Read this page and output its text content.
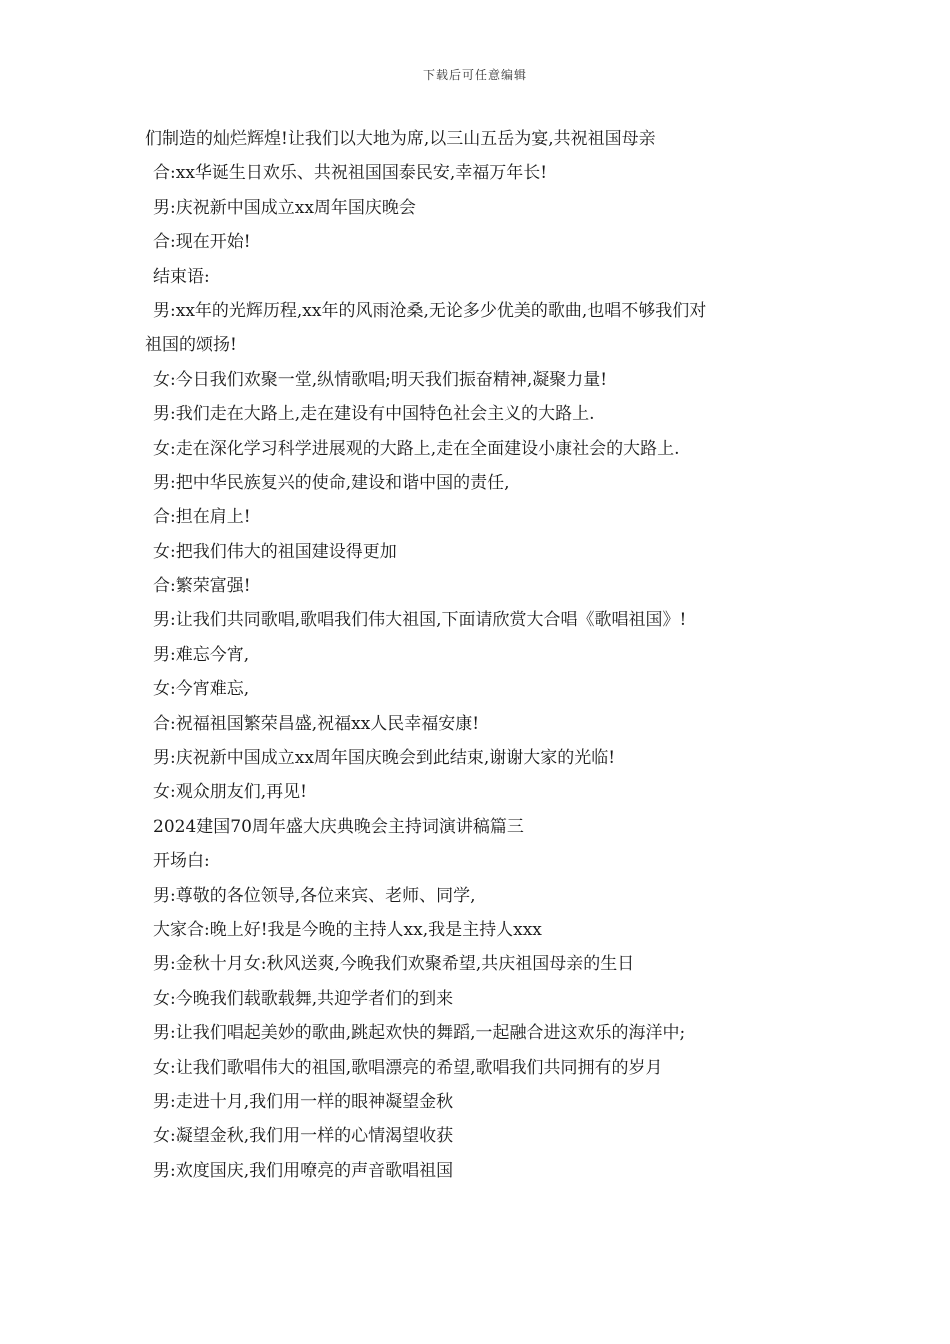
下载后可任意编辑
们制造的灿烂辉煌!让我们以大地为席,以三山五岳为宴,共祝祖国母亲
合:xx华诞生日欢乐、共祝祖国国泰民安,幸福万年长!
男:庆祝新中国成立xx周年国庆晚会
合:现在开始!
结束语:
男:xx年的光辉历程,xx年的风雨沧桑,无论多少优美的歌曲,也唱不够我们对
祖国的颂扬!
女:今日我们欢聚一堂,纵情歌唱;明天我们振奋精神,凝聚力量!
男:我们走在大路上,走在建设有中国特色社会主义的大路上.
女:走在深化学习科学进展观的大路上,走在全面建设小康社会的大路上.
男:把中华民族复兴的使命,建设和谐中国的责任,
合:担在肩上!
女:把我们伟大的祖国建设得更加
合:繁荣富强!
男:让我们共同歌唱,歌唱我们伟大祖国,下面请欣赏大合唱《歌唱祖国》!
男:难忘今宵,
女:今宵难忘,
合:祝福祖国繁荣昌盛,祝福xx人民幸福安康!
男:庆祝新中国成立xx周年国庆晚会到此结束,谢谢大家的光临!
女:观众朋友们,再见!
2024建国70周年盛大庆典晚会主持词演讲稿篇三
开场白:
男:尊敬的各位领导,各位来宾、老师、同学,
大家合:晚上好!我是今晚的主持人xx,我是主持人xxx
男:金秋十月女:秋风送爽,今晚我们欢聚希望,共庆祖国母亲的生日
女:今晚我们载歌载舞,共迎学者们的到来
男:让我们唱起美妙的歌曲,跳起欢快的舞蹈,一起融合进这欢乐的海洋中;
女:让我们歌唱伟大的祖国,歌唱漂亮的希望,歌唱我们共同拥有的岁月
男:走进十月,我们用一样的眼神凝望金秋
女:凝望金秋,我们用一样的心情渴望收获
男:欢度国庆,我们用嘹亮的声音歌唱祖国
